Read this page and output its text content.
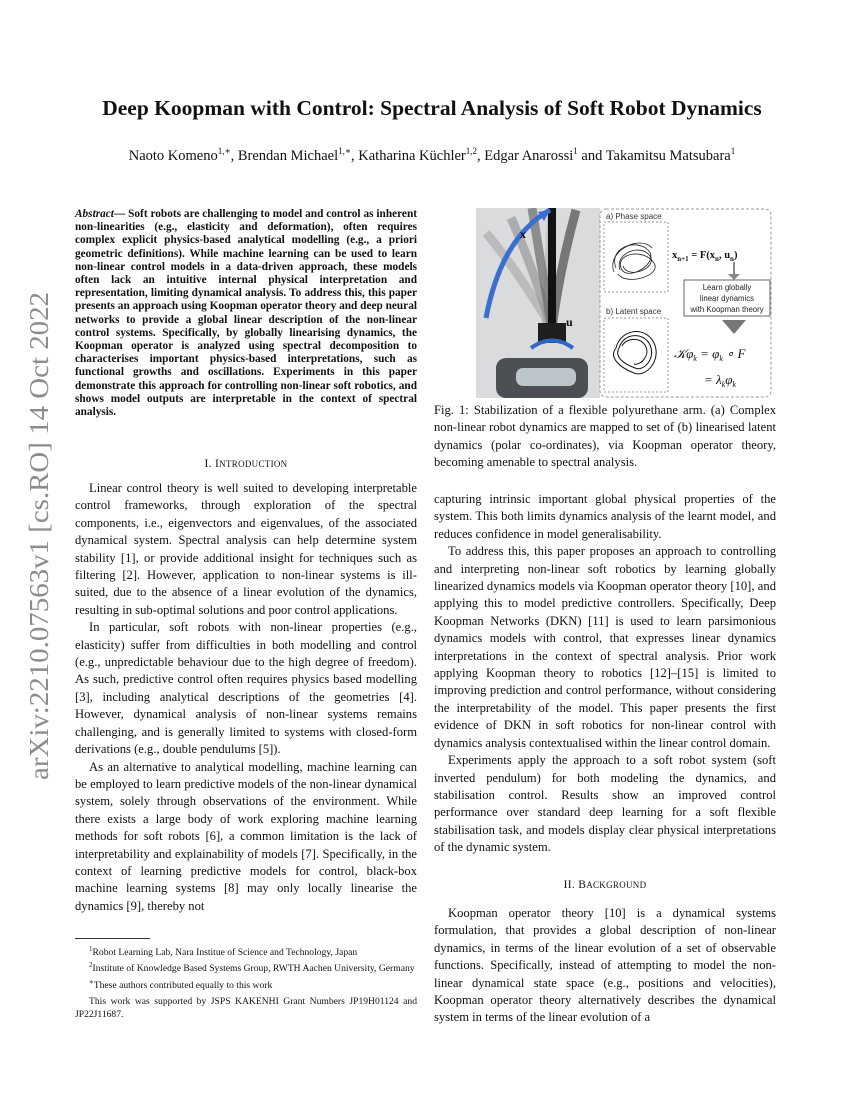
arXiv:2210.07563v1 [cs.RO] 14 Oct 2022
Deep Koopman with Control: Spectral Analysis of Soft Robot Dynamics
Naoto Komeno$^{1,∗}$, Brendan Michael$^{1,∗}$, Katharina Küchler$^{1,2}$, Edgar Anarossi$^1$ and Takamitsu Matsubara$^1$

Abstract— Soft robots are challenging to model and control as inherent non-linearities (e.g., elasticity and deformation), often requires complex explicit physics-based analytical modelling (e.g., a priori geometric definitions). While machine learning can be used to learn non-linear control models in a data-driven approach, these models often lack an intuitive internal physical interpretation and representation, limiting dynamical analysis. To address this, this paper presents an approach using Koopman operator theory and deep neural networks to provide a global linear description of the non-linear control systems. Specifically, by globally linearising dynamics, the Koopman operator is analyzed using spectral decomposition to characterises important physics-based interpretations, such as functional growths and oscillations. Experiments in this paper demonstrate this approach for controlling non-linear soft robotics, and shows model outputs are interpretable in the context of spectral analysis.

I. INTRODUCTION

Linear control theory is well suited to developing interpretable control frameworks, through exploration of the spectral components, i.e., eigenvectors and eigenvalues, of the associated dynamical system. Spectral analysis can help determine system stability [1], or provide additional insight for techniques such as filtering [2]. However, application to non-linear systems is ill-suited, due to the absence of a linear evolution of the dynamics, resulting in sub-optimal solutions and poor control applications.

In particular, soft robots with non-linear properties (e.g., elasticity) suffer from difficulties in both modelling and control (e.g., unpredictable behaviour due to the high degree of freedom). As such, predictive control often requires physics based modelling [3], including analytical descriptions of the geometries [4]. However, dynamical analysis of non-linear systems remains challenging, and is generally limited to systems with closed-form derivations (e.g., double pendulums [5]).

As an alternative to analytical modelling, machine learning can be employed to learn predictive models of the non-linear dynamical system, solely through observations of the environment. While there exists a large body of work exploring machine learning methods for soft robots [6], a common limitation is the lack of interpretability and explainability of models [7]. Specifically, in the context of learning predictive models for control, black-box machine learning systems [8] may only locally linearise the dynamics [9], thereby not

x
u
a) Phase space
$x_{n+1} = F(x_n$, $u_n$)
Learn globally
linear dynamics
with Koopman theory
b) Latent space
𝒦φ$_k$ = $\varphi_k$ ∘ F
= $\lambda_k\varphi_k$

Fig. 1: Stabilization of a flexible polyurethane arm. (a) Complex non-linear robot dynamics are mapped to set of (b) linearised latent dynamics (polar co-ordinates), via Koopman operator theory, becoming amenable to spectral analysis.

capturing intrinsic important global physical properties of the system. This both limits dynamics analysis of the learnt model, and reduces confidence in model generalisability.

To address this, this paper proposes an approach to controlling and interpreting non-linear soft robotics by learning globally linearized dynamics models via Koopman operator theory [10], and applying this to model predictive controllers. Specifically, Deep Koopman Networks (DKN) [11] is used to learn parsimonious dynamics models with control, that expresses linear dynamics interpretations in the context of spectral analysis. Prior work applying Koopman theory to robotics [12]–[15] is limited to improving prediction and control performance, without considering the interpretability of the model. This paper presents the first evidence of DKN in soft robotics for non-linear control with dynamics analysis contextualised within the linear control domain.

Experiments apply the approach to a soft robot system (soft inverted pendulum) for both modeling the dynamics, and stabilisation control. Results show an improved control performance over standard deep learning for a soft flexible stabilisation task, and models display clear physical interpretations of the dynamic system.

II. BACKGROUND

Koopman operator theory [10] is a dynamical systems formulation, that provides a global description of non-linear dynamics, in terms of the linear evolution of a set of observable functions. Specifically, instead of attempting to model the non-linear dynamical state space (e.g., positions and velocities), Koopman operator theory alternatively describes the dynamical system in terms of the linear evolution of a

$^1$Robot Learning Lab, Nara Institue of Science and Technology, Japan
$^2$Institute of Knowledge Based Systems Group, RWTH Aachen University, Germany
∗These authors contributed equally to this work
This work was supported by JSPS KAKENHI Grant Numbers JP19H01124 and JP22J11687.
